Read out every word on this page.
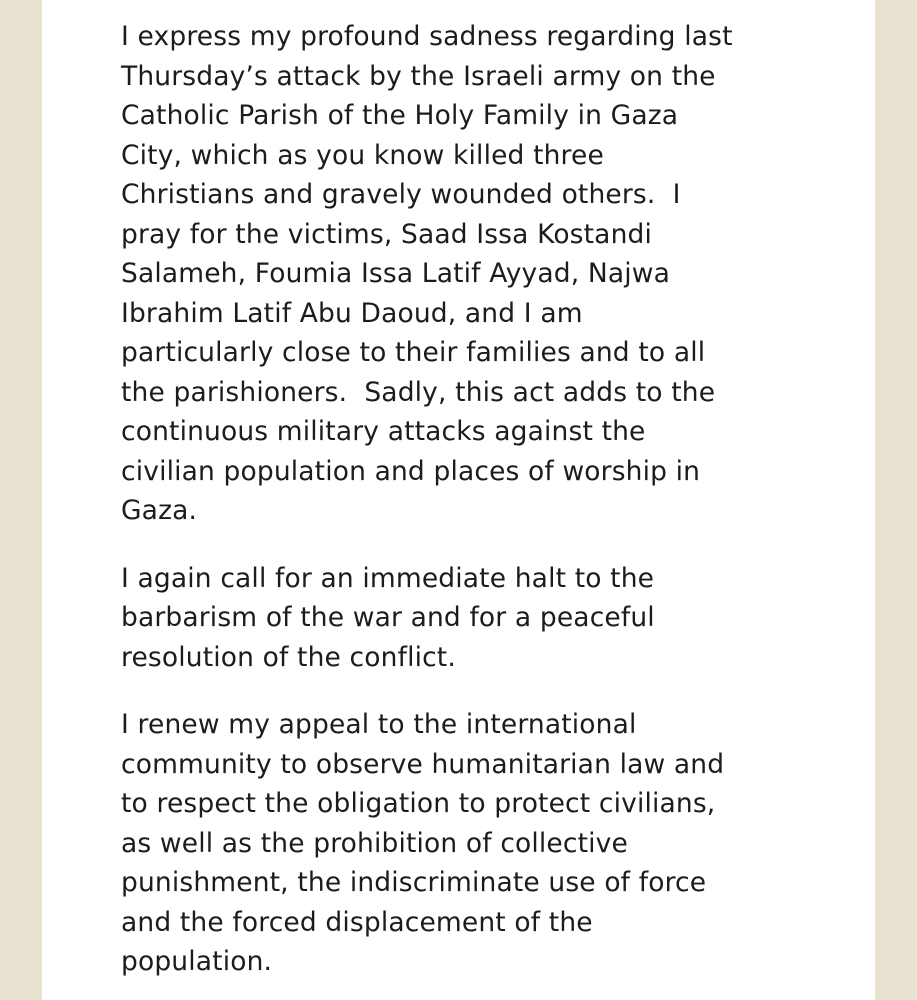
I express my profound sadness regarding last
Thursday’s attack by the Israeli army on the
Catholic Parish of the Holy Family in Gaza
City, which as you know killed three
Christians and gravely wounded others.  I
pray for the victims, Saad Issa Kostandi
Salameh, Foumia Issa Latif Ayyad, Najwa
Ibrahim Latif Abu Daoud, and I am
particularly close to their families and to all
the parishioners.  Sadly, this act adds to the
continuous military attacks against the
civilian population and places of worship in
Gaza.

I again call for an immediate halt to the
barbarism of the war and for a peaceful
resolution of the conflict.

I renew my appeal to the international
community to observe humanitarian law and
to respect the obligation to protect civilians,
as well as the prohibition of collective
punishment, the indiscriminate use of force
and the forced displacement of the
population.
